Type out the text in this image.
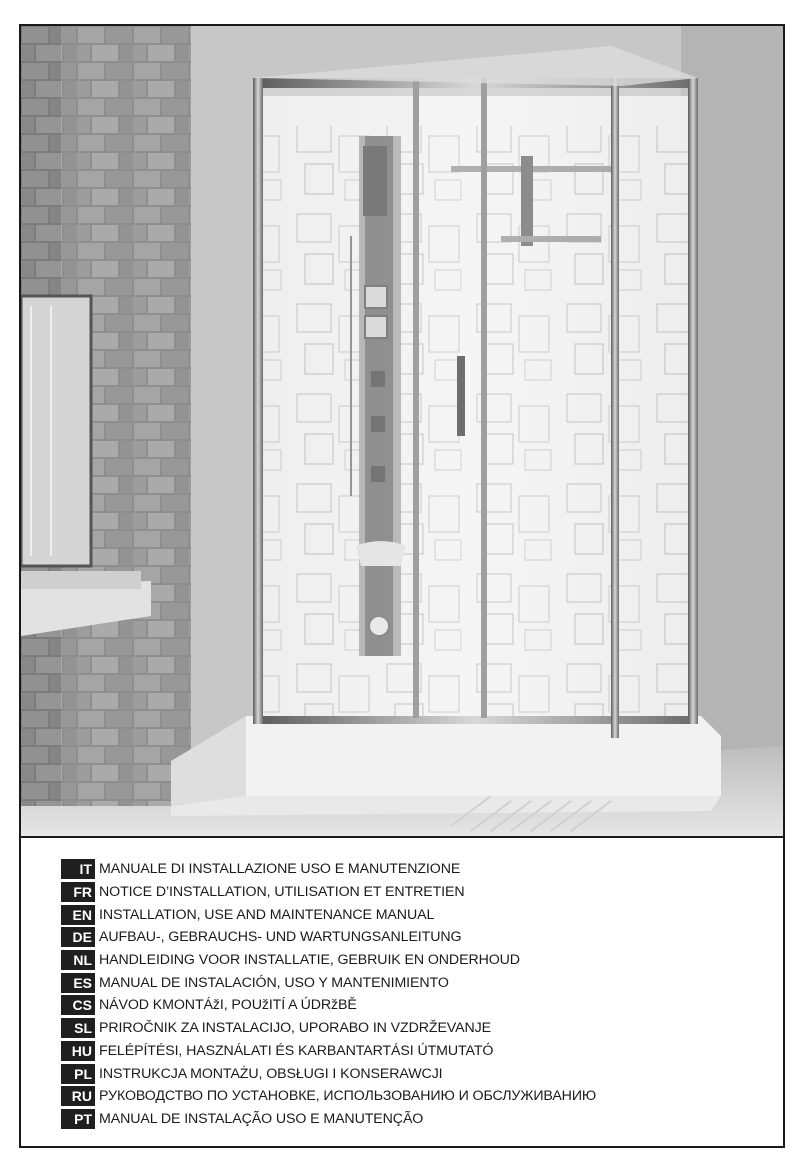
IT MANUALE DI INSTALLAZIONE USO E MANUTENZIONE
FR NOTICE D’INSTALLATION, UTILISATION ET ENTRETIEN
EN INSTALLATION, USE AND MAINTENANCE MANUAL
DE AUFBAU-, GEBRAUCHS- UND WARTUNGSANLEITUNG
NL HANDLEIDING VOOR INSTALLATIE, GEBRUIK EN ONDERHOUD
ES MANUAL DE INSTALACIÓN, USO Y MANTENIMIENTO
CS NÁVOD KMONTÁžI, POUžITÍ A ÚDRžBĚ
SL PRIROČNIK ZA INSTALACIJO, UPORABO IN VZDRŽEVANJE
HU FELÉPÍTÉSI, HASZNÁLATI ÉS KARBANTARTÁSI ÚTMUTATÓ
PL INSTRUKCJA MONTAŻU, OBSŁUGI I KONSERAWCJI
RU РУКОВОДСТВО ПО УСТАНОВКЕ, ИСПОЛЬЗОВАНИЮ И ОБСЛУЖИВАНИЮ
PT MANUAL DE INSTALAÇÃO USO E MANUTENÇÃO
